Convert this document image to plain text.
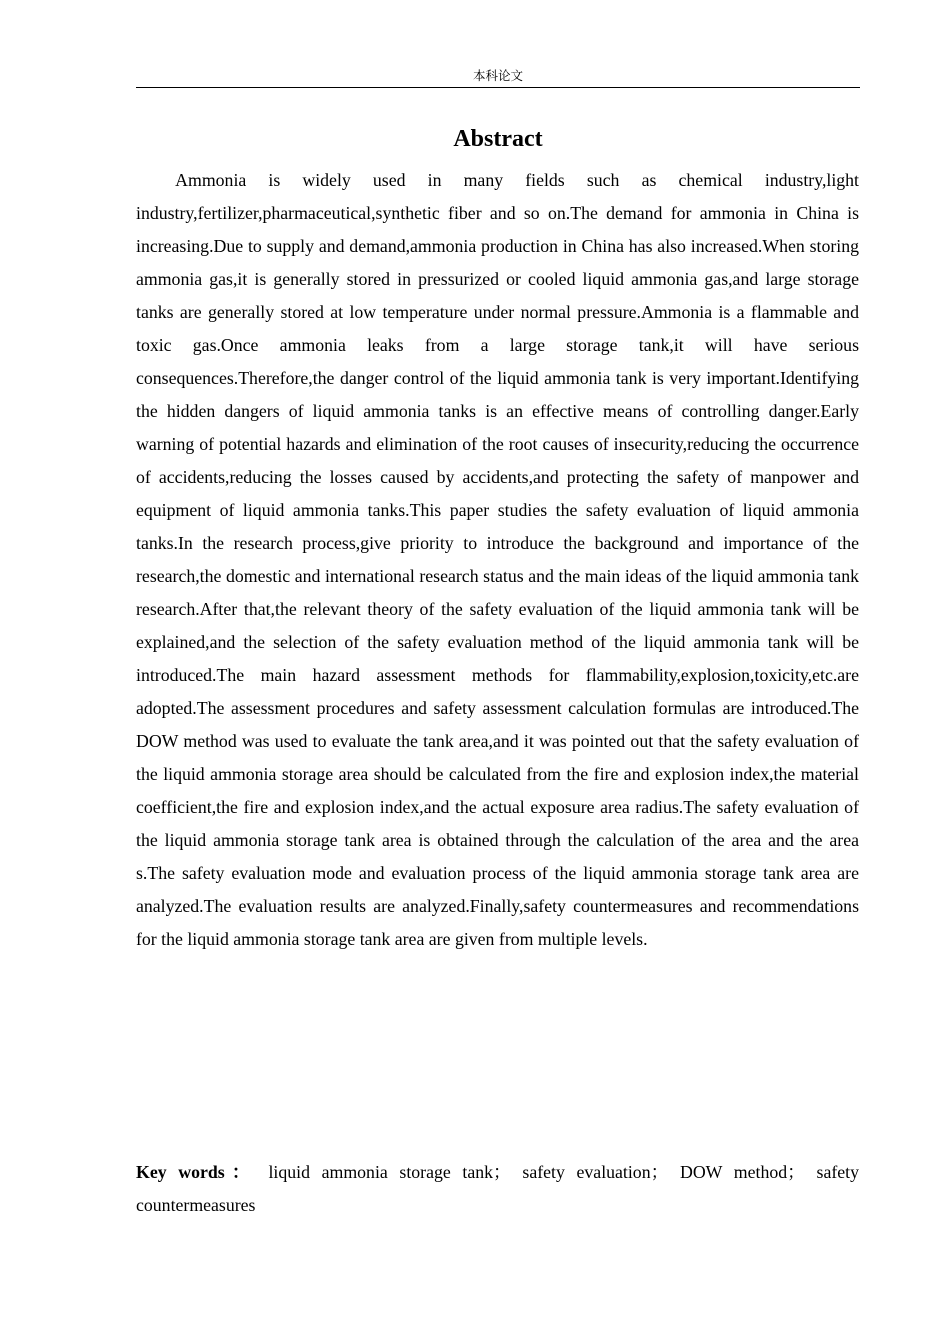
本科论文
Abstract

Ammonia is widely used in many fields such as chemical industry,light industry,fertilizer,pharmaceutical,synthetic fiber and so on.The demand for ammonia in China is increasing.Due to supply and demand,ammonia production in China has also increased.When storing ammonia gas,it is generally stored in pressurized or cooled liquid ammonia gas,and large storage tanks are generally stored at low temperature under normal pressure.Ammonia is a flammable and toxic gas.Once ammonia leaks from a large storage tank,it will have serious consequences.Therefore,the danger control of the liquid ammonia tank is very important.Identifying the hidden dangers of liquid ammonia tanks is an effective means of controlling danger.Early warning of potential hazards and elimination of the root causes of insecurity,reducing the occurrence of accidents,reducing the losses caused by accidents,and protecting the safety of manpower and equipment of liquid ammonia tanks.This paper studies the safety evaluation of liquid ammonia tanks.In the research process,give priority to introduce the background and importance of the research,the domestic and international research status and the main ideas of the liquid ammonia tank research.After that,the relevant theory of the safety evaluation of the liquid ammonia tank will be explained,and the selection of the safety evaluation method of the liquid ammonia tank will be introduced.The main hazard assessment methods for flammability,explosion,toxicity,etc.are adopted.The assessment procedures and safety assessment calculation formulas are introduced.The DOW method was used to evaluate the tank area,and it was pointed out that the safety evaluation of the liquid ammonia storage area should be calculated from the fire and explosion index,the material coefficient,the fire and explosion index,and the actual exposure area radius.The safety evaluation of the liquid ammonia storage tank area is obtained through the calculation of the area and the area s.The safety evaluation mode and evaluation process of the liquid ammonia storage tank area are analyzed.The evaluation results are analyzed.Finally,safety countermeasures and recommendations for the liquid ammonia storage tank area are given from multiple levels.

Key words： liquid ammonia storage tank； safety evaluation； DOW method； safety countermeasures
